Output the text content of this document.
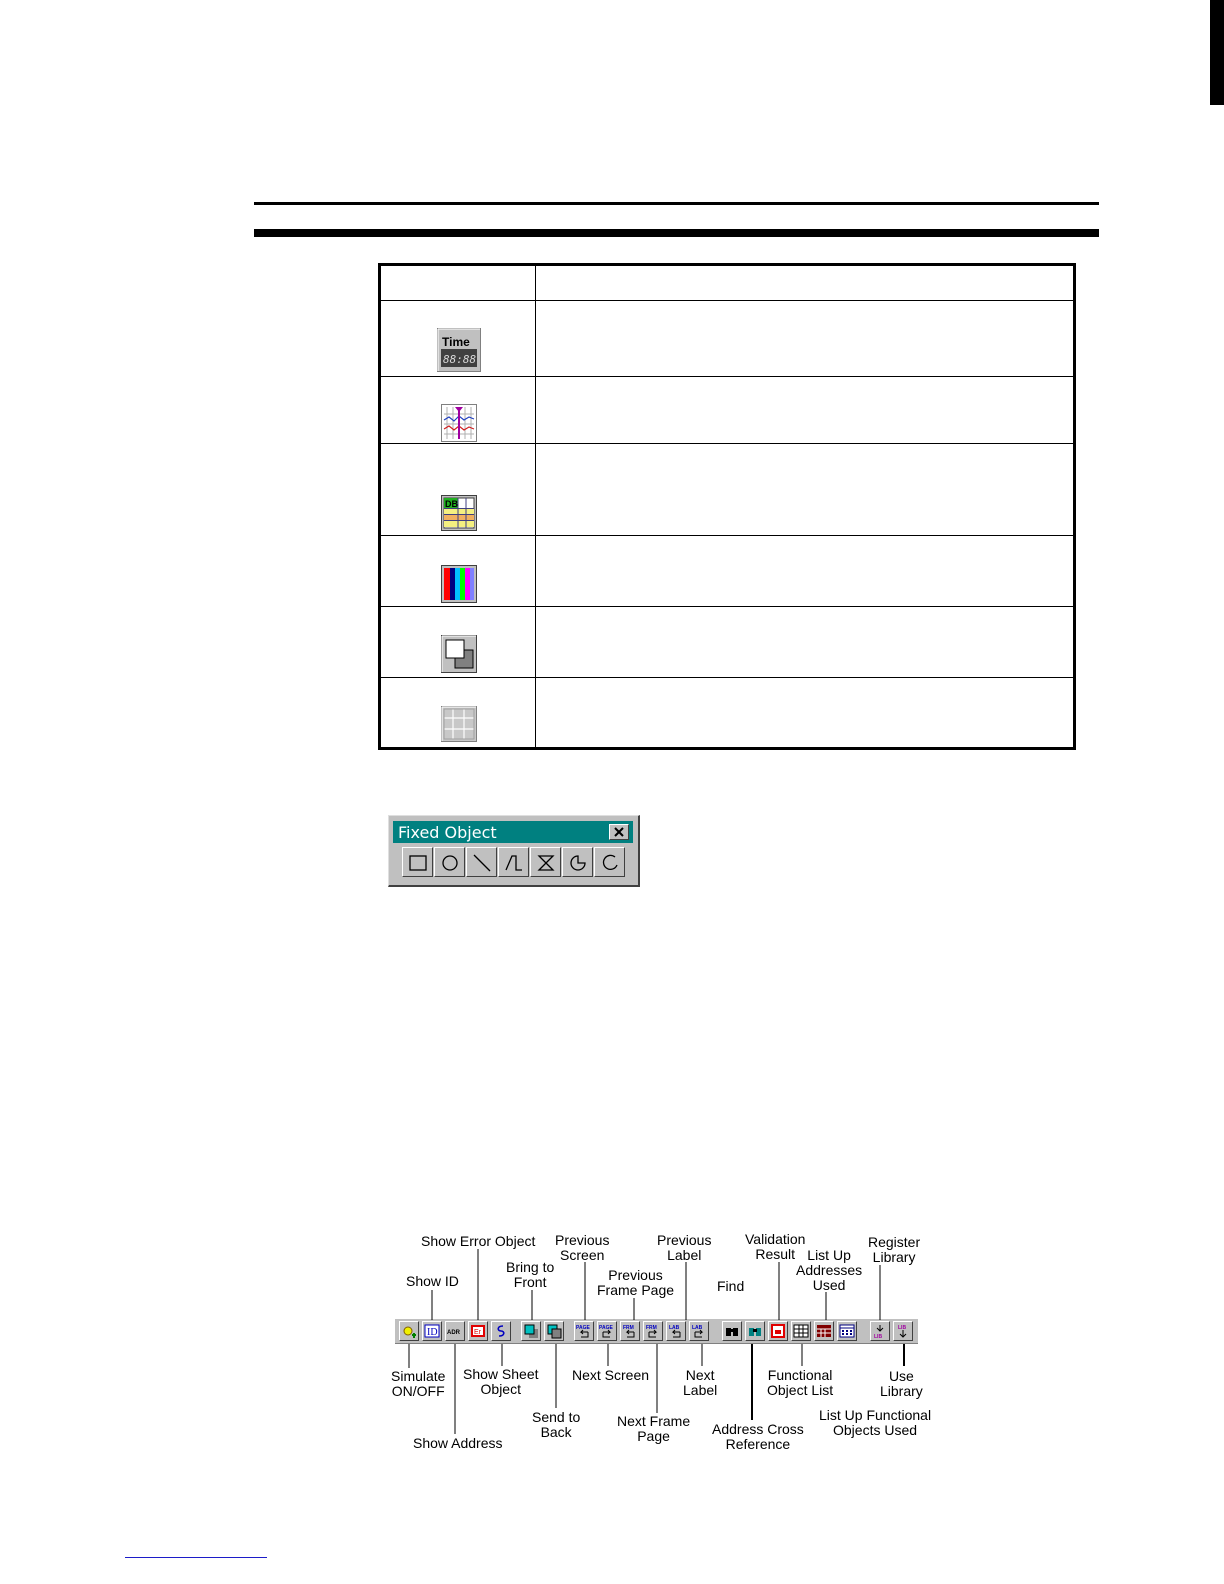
Time
88:88
DB
Fixed Object
ID ADR Er
PAGE PAGE FRM FRM LAB	LAB
LIB
LIB
Show Error Object
Show ID
Bring to
Front
Previous
Screen
Previous
Frame Page
Previous
Label
Find
Validation
Result List Up
Addresses
Used
Register
Library
Simulate
ON/OFF
Show Sheet
Object
Next Screen	Next
Label
Functional
Object List
Use
Library
Send to
Back
Next Frame
Page
List Up Functional
Objects Used
Show Address
Address Cross
Reference
